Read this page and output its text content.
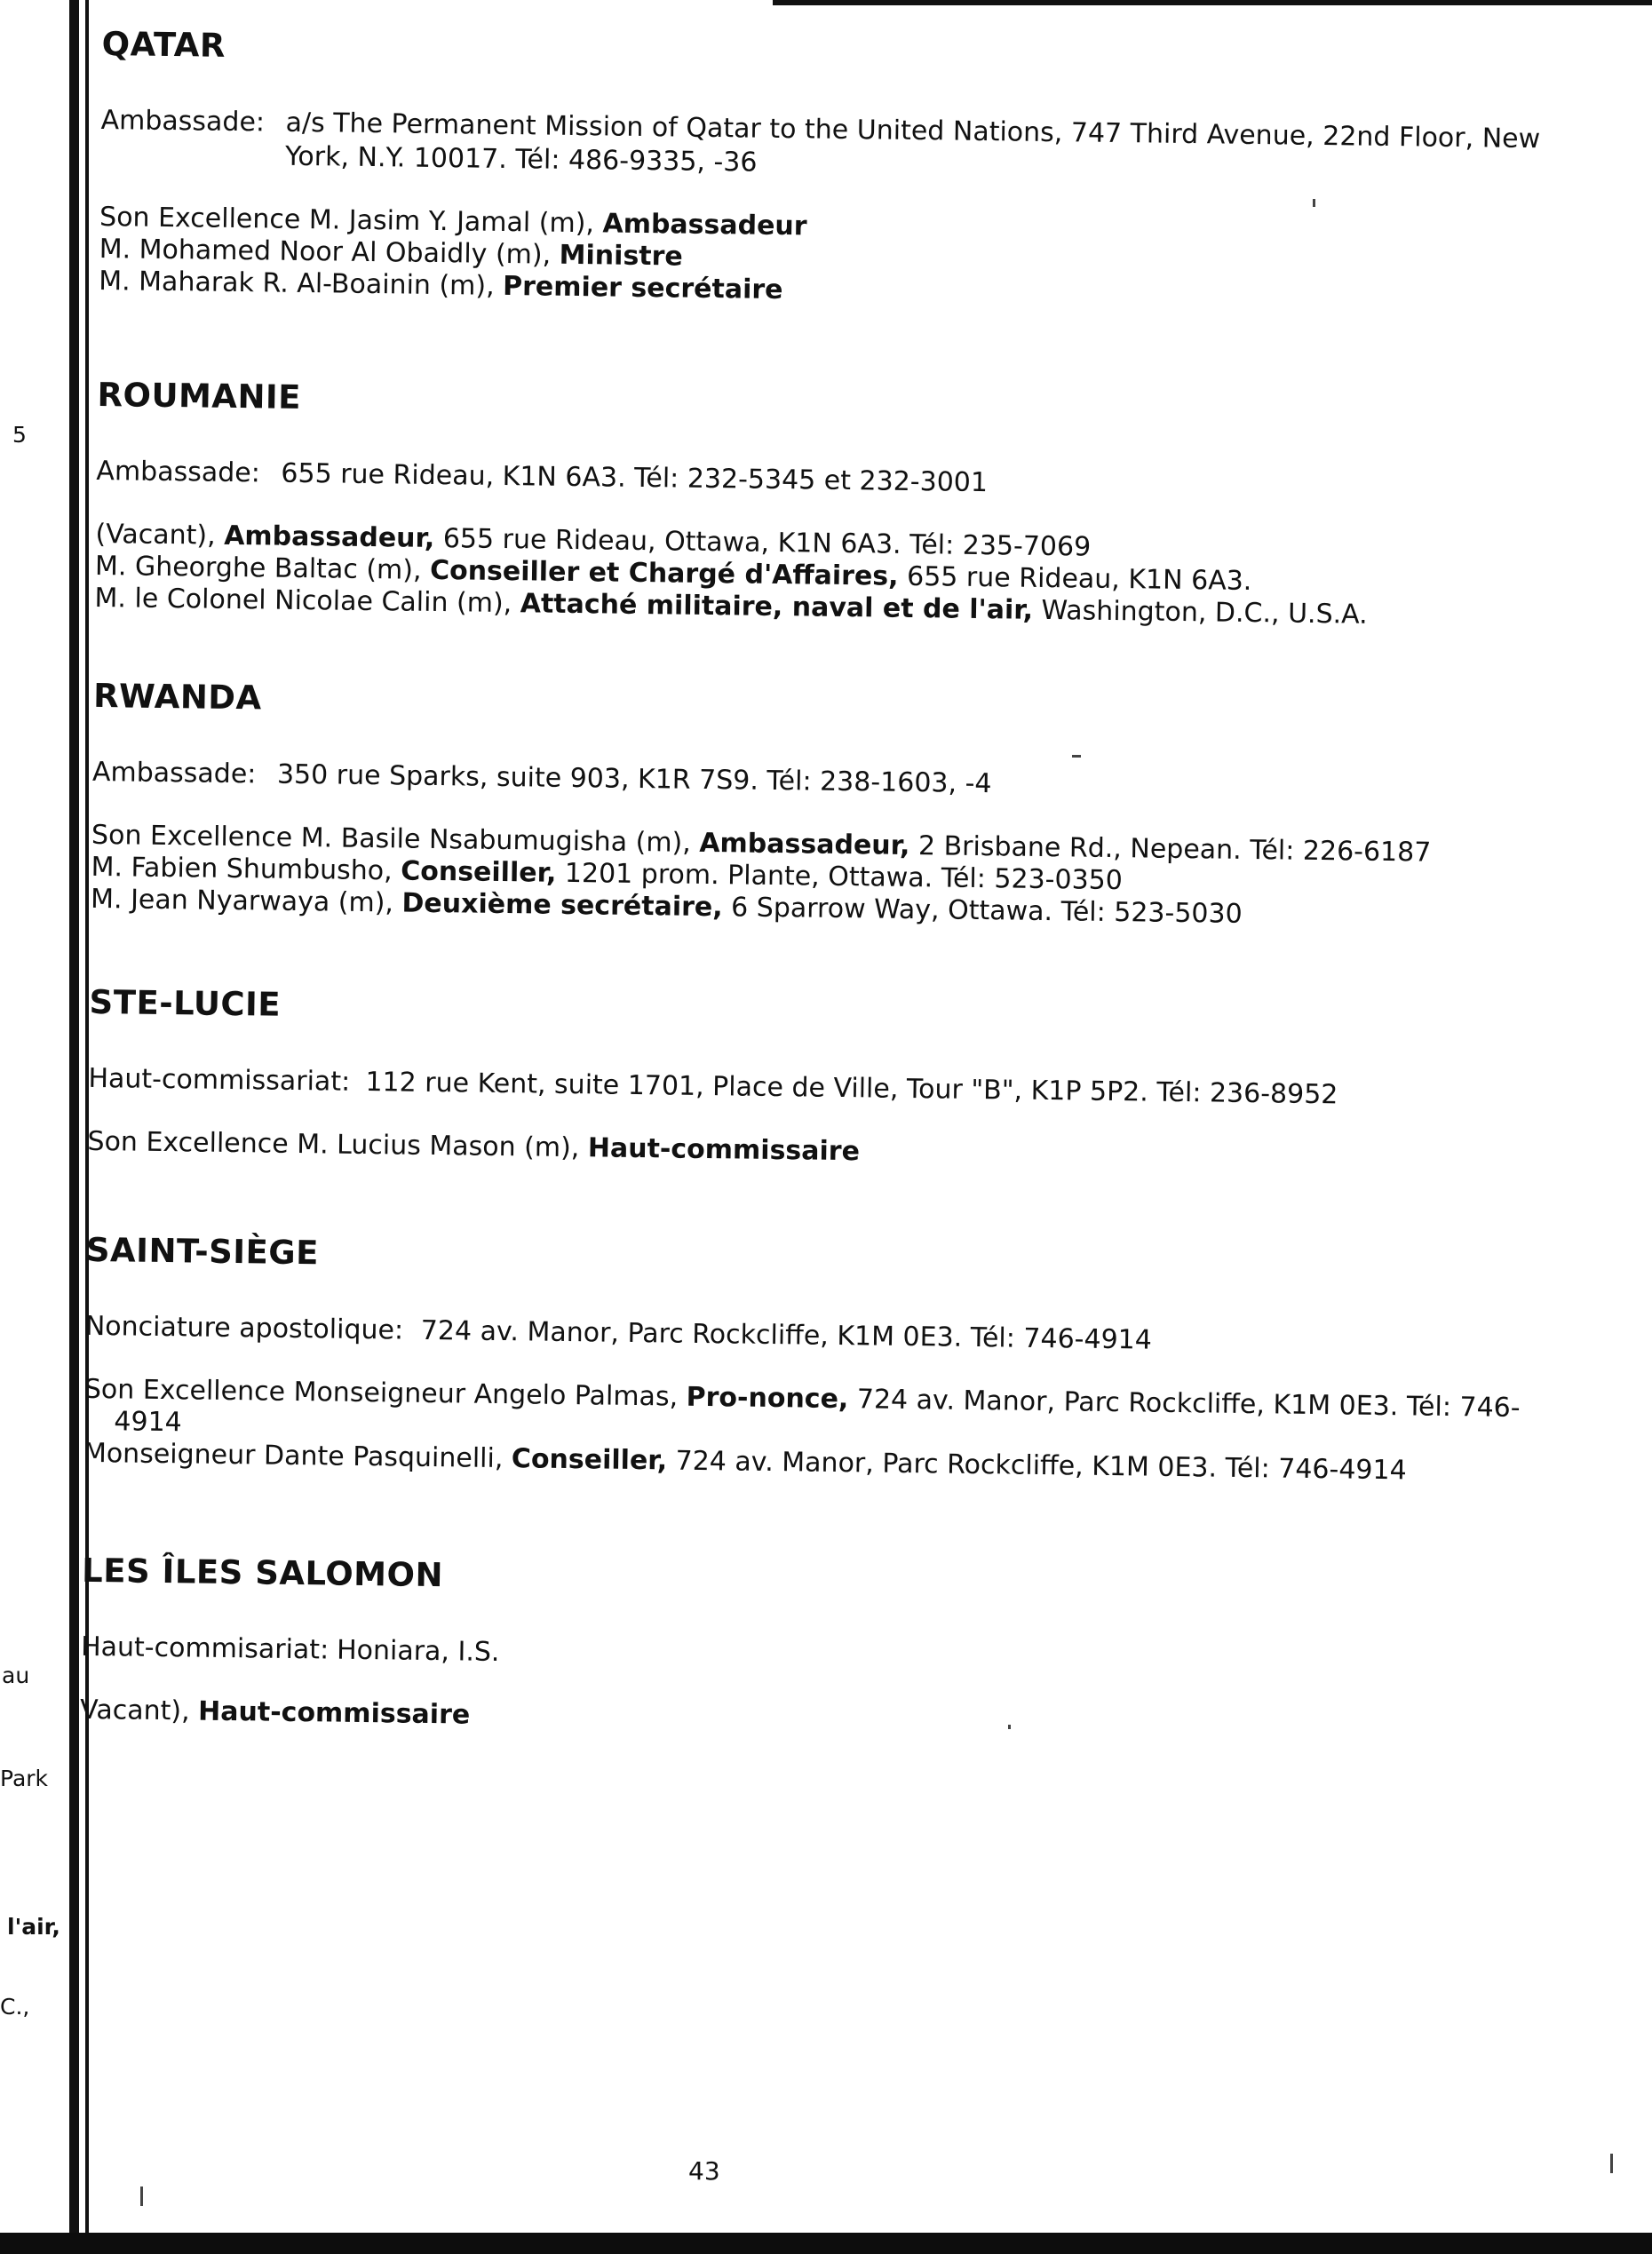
5
au
Park
l'air,
C.,
QATAR
Ambassade: a/s The Permanent Mission of Qatar to the United Nations, 747 Third Avenue, 22nd Floor, New York, N.Y. 10017. Tél: 486-9335, -36
Son Excellence M. Jasim Y. Jamal (m), Ambassadeur
M. Mohamed Noor Al Obaidly (m), Ministre
M. Maharak R. Al-Boainin (m), Premier secrétaire
ROUMANIE
Ambassade: 655 rue Rideau, K1N 6A3. Tél: 232-5345 et 232-3001
(Vacant), Ambassadeur, 655 rue Rideau, Ottawa, K1N 6A3. Tél: 235-7069
M. Gheorghe Baltac (m), Conseiller et Chargé d'Affaires, 655 rue Rideau, K1N 6A3.
M. le Colonel Nicolae Calin (m), Attaché militaire, naval et de l'air, Washington, D.C., U.S.A.
RWANDA
Ambassade: 350 rue Sparks, suite 903, K1R 7S9. Tél: 238-1603, -4
Son Excellence M. Basile Nsabumugisha (m), Ambassadeur, 2 Brisbane Rd., Nepean. Tél: 226-6187
M. Fabien Shumbusho, Conseiller, 1201 prom. Plante, Ottawa. Tél: 523-0350
M. Jean Nyarwaya (m), Deuxième secrétaire, 6 Sparrow Way, Ottawa. Tél: 523-5030
STE-LUCIE
Haut-commissariat: 112 rue Kent, suite 1701, Place de Ville, Tour "B", K1P 5P2. Tél: 236-8952
Son Excellence M. Lucius Mason (m), Haut-commissaire
SAINT-SIÈGE
Nonciature apostolique: 724 av. Manor, Parc Rockcliffe, K1M 0E3. Tél: 746-4914
Son Excellence Monseigneur Angelo Palmas, Pro-nonce, 724 av. Manor, Parc Rockcliffe, K1M 0E3. Tél: 746-4914
Monseigneur Dante Pasquinelli, Conseiller, 724 av. Manor, Parc Rockcliffe, K1M 0E3. Tél: 746-4914
LES ÎLES SALOMON
Haut-commisariat: Honiara, I.S.
Vacant), Haut-commissaire
43
